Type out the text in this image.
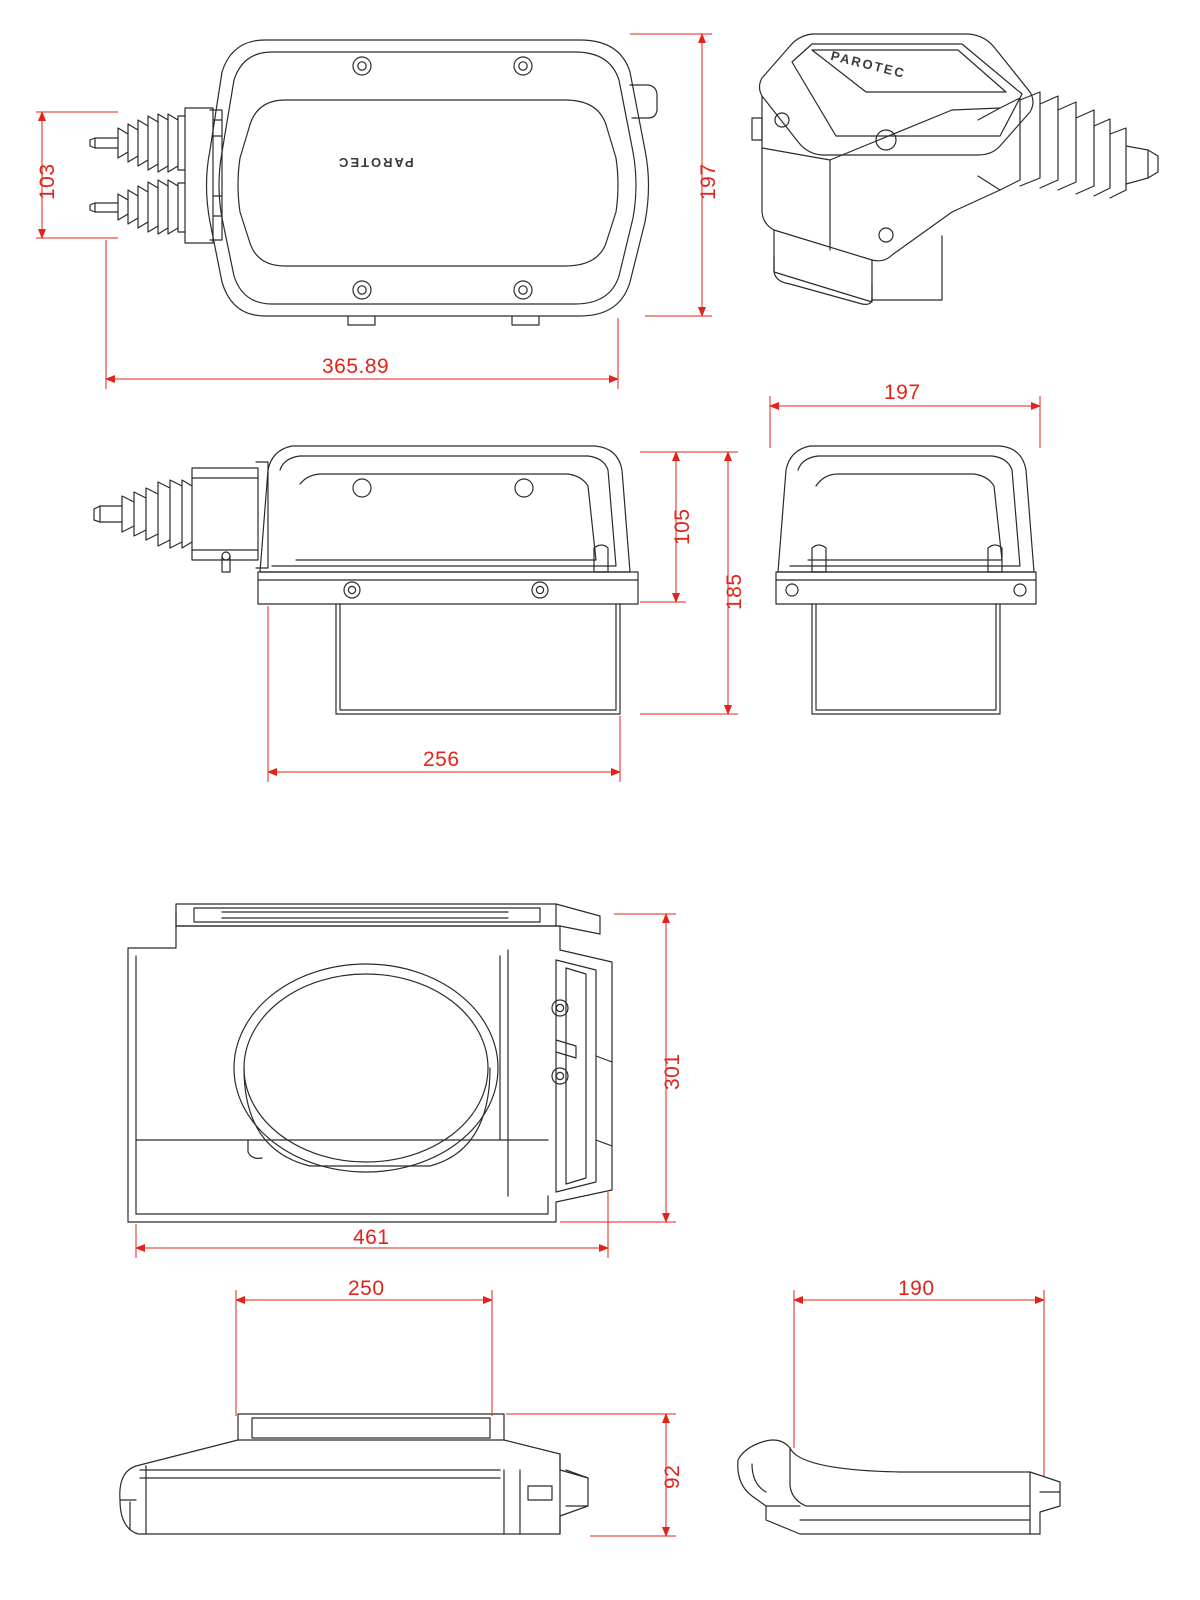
PAROTEC
PAROTEC
103	197
365.89
197
105
185
256
301
461
250
92
190
